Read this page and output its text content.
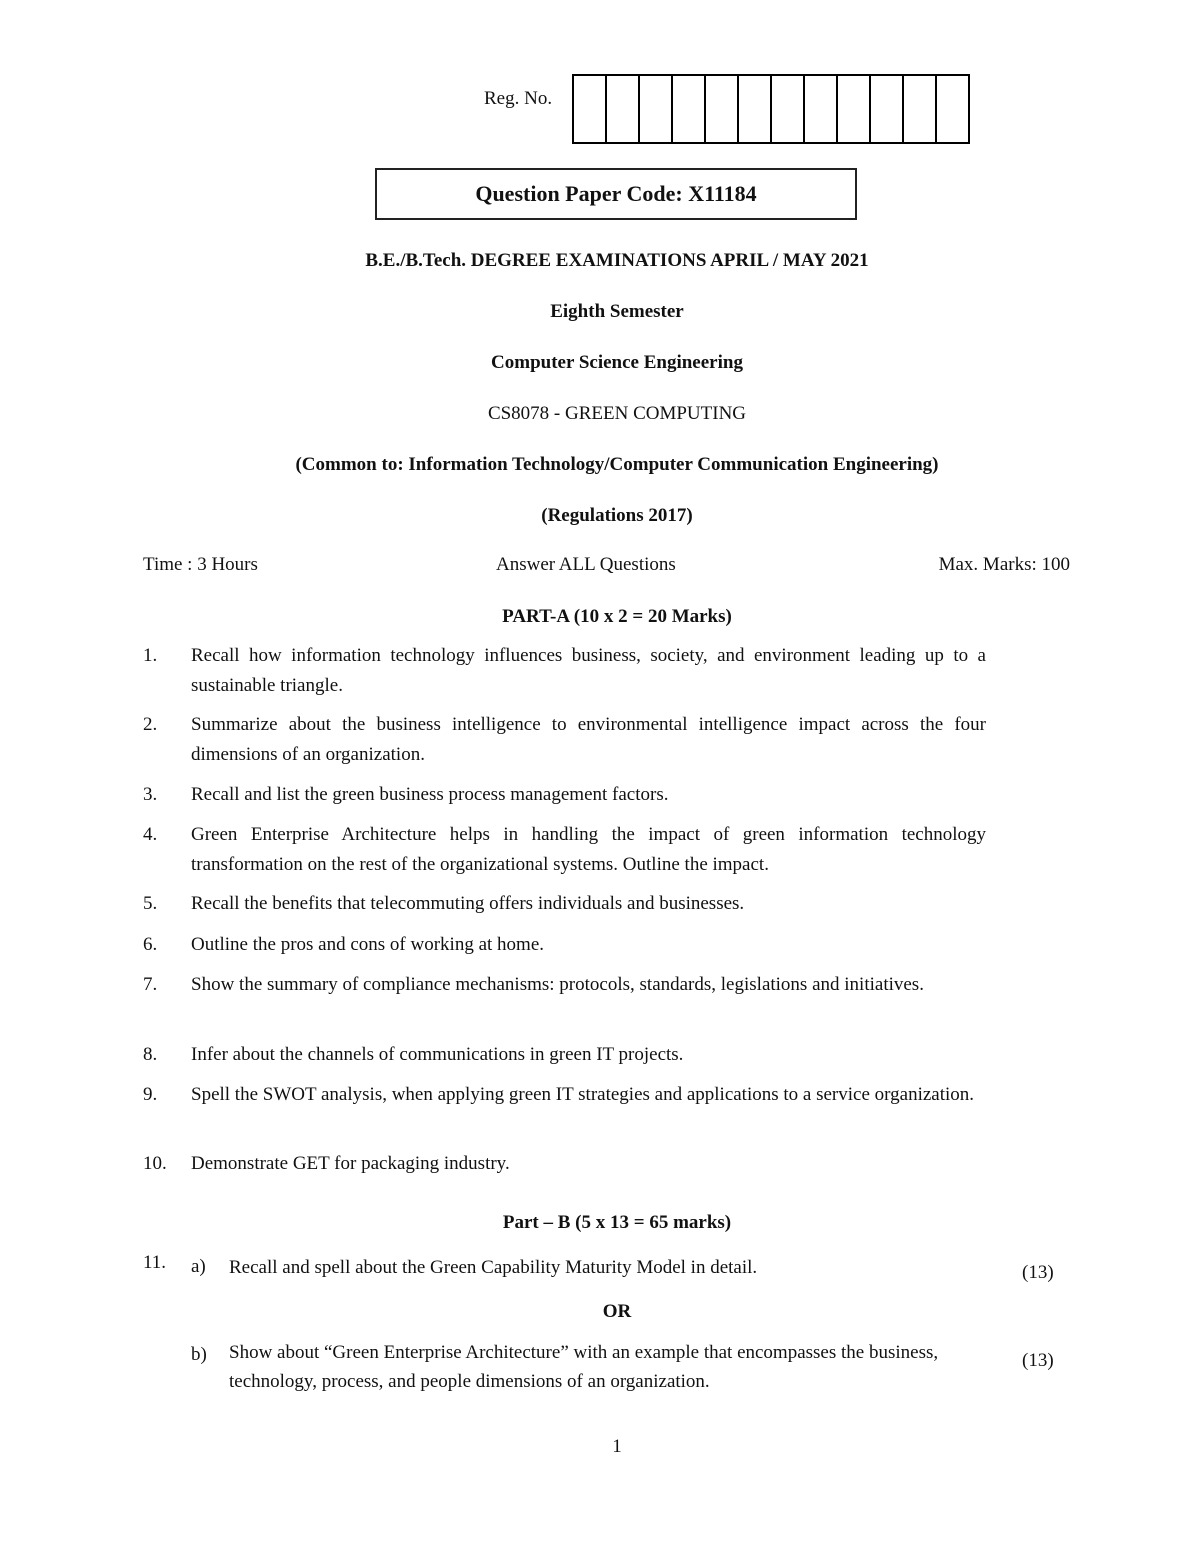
Reg. No.
Question Paper Code: X11184
B.E./B.Tech. DEGREE EXAMINATIONS APRIL / MAY 2021
Eighth Semester
Computer Science Engineering
CS8078 - GREEN COMPUTING
(Common to: Information Technology/Computer Communication Engineering)
(Regulations 2017)
Time : 3 Hours	Answer ALL Questions	Max. Marks: 100
PART-A (10 x 2 = 20 Marks)
1. Recall how information technology influences business, society, and environment leading up to a sustainable triangle.
2. Summarize about the business intelligence to environmental intelligence impact across the four dimensions of an organization.
3. Recall and list the green business process management factors.
4. Green Enterprise Architecture helps in handling the impact of green information technology transformation on the rest of the organizational systems. Outline the impact.
5. Recall the benefits that telecommuting offers individuals and businesses.
6. Outline the pros and cons of working at home.
7. Show the summary of compliance mechanisms: protocols, standards, legislations and initiatives.
8. Infer about the channels of communications in green IT projects.
9. Spell the SWOT analysis, when applying green IT strategies and applications to a service organization.
10. Demonstrate GET for packaging industry.
Part – B (5 x 13 = 65 marks)
11. a) Recall and spell about the Green Capability Maturity Model in detail.	(13)
OR
b) Show about “Green Enterprise Architecture” with an example that encompasses the business, technology, process, and people dimensions of an organization.
(13)
1
